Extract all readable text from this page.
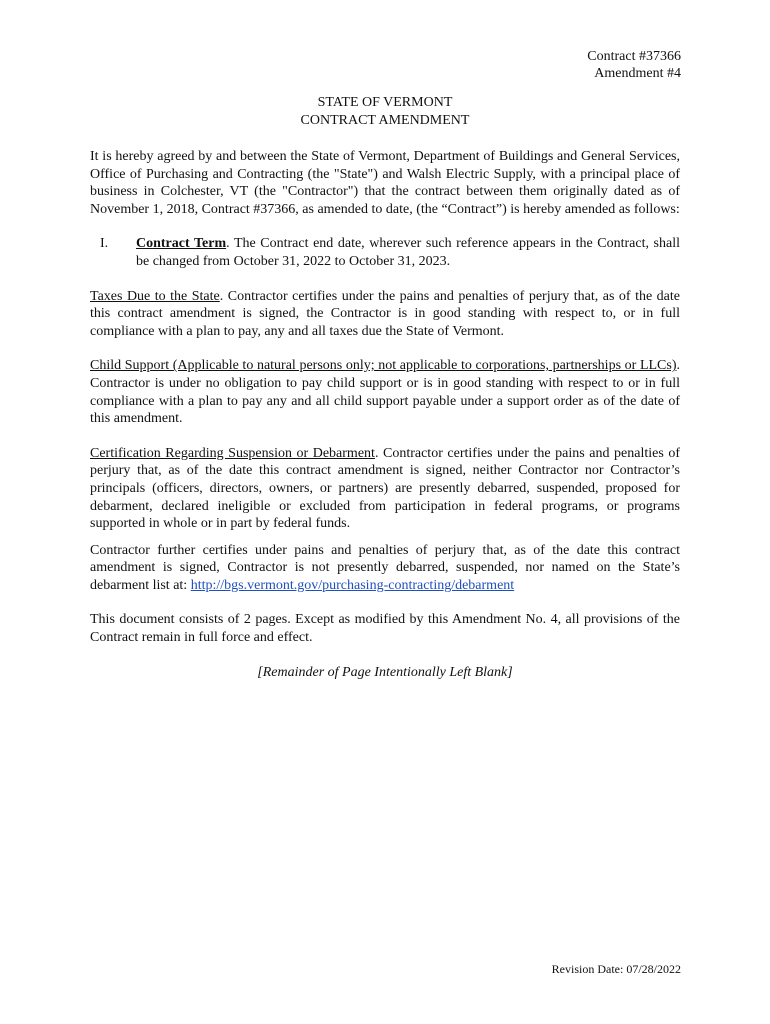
Contract #37366
Amendment #4
STATE OF VERMONT
CONTRACT AMENDMENT

It is hereby agreed by and between the State of Vermont, Department of Buildings and General Services, Office of Purchasing and Contracting (the "State") and Walsh Electric Supply, with a principal place of business in Colchester, VT (the "Contractor") that the contract between them originally dated as of November 1, 2018, Contract #37366, as amended to date, (the “Contract”) is hereby amended as follows:

I. Contract Term. The Contract end date, wherever such reference appears in the Contract, shall be changed from October 31, 2022 to October 31, 2023.

Taxes Due to the State. Contractor certifies under the pains and penalties of perjury that, as of the date this contract amendment is signed, the Contractor is in good standing with respect to, or in full compliance with a plan to pay, any and all taxes due the State of Vermont.

Child Support (Applicable to natural persons only; not applicable to corporations, partnerships or LLCs). Contractor is under no obligation to pay child support or is in good standing with respect to or in full compliance with a plan to pay any and all child support payable under a support order as of the date of this amendment.

Certification Regarding Suspension or Debarment. Contractor certifies under the pains and penalties of perjury that, as of the date this contract amendment is signed, neither Contractor nor Contractor’s principals (officers, directors, owners, or partners) are presently debarred, suspended, proposed for debarment, declared ineligible or excluded from participation in federal programs, or programs supported in whole or in part by federal funds.

Contractor further certifies under pains and penalties of perjury that, as of the date this contract amendment is signed, Contractor is not presently debarred, suspended, nor named on the State’s debarment list at: http://bgs.vermont.gov/purchasing-contracting/debarment

This document consists of 2 pages. Except as modified by this Amendment No. 4, all provisions of the Contract remain in full force and effect.

[Remainder of Page Intentionally Left Blank]

Revision Date: 07/28/2022
